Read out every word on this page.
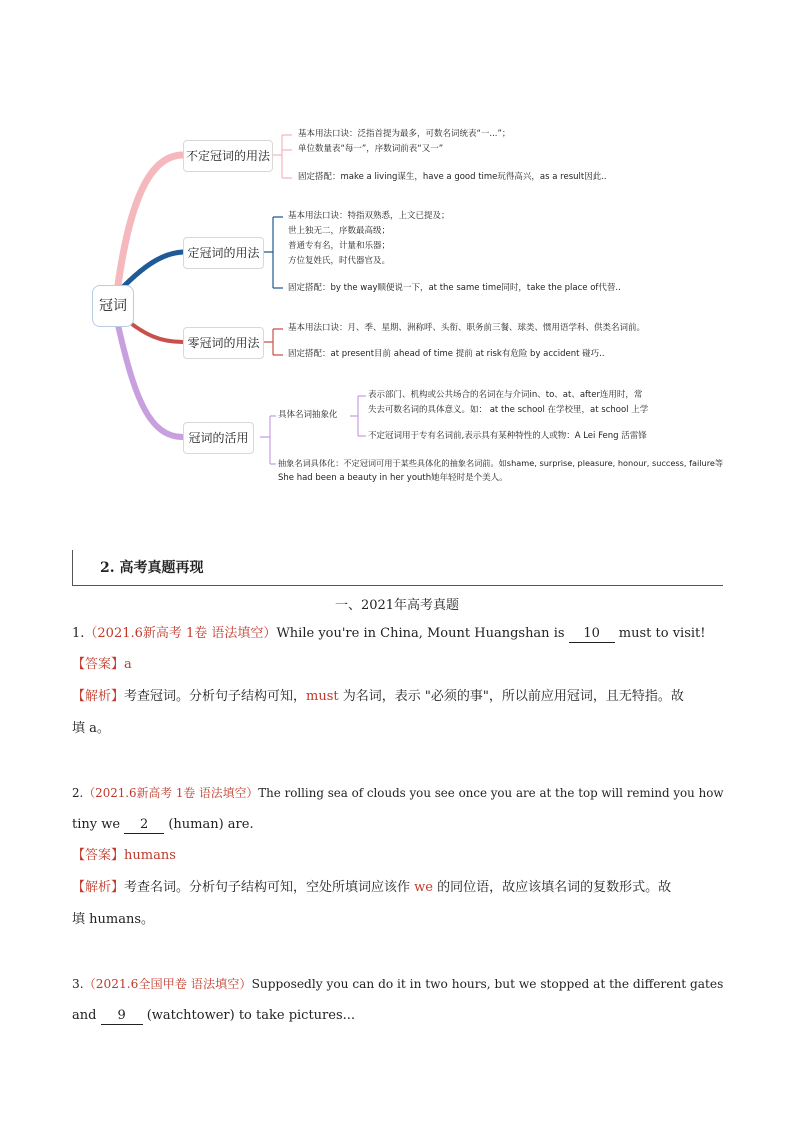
冠词
不定冠词的用法
定冠词的用法
零冠词的用法
冠词的活用
基本用法口诀：泛指首提为最多，可数名词统表“一...”；
单位数量表“每一”，序数词前表“又一”
固定搭配：make a living谋生，have a good time玩得高兴，as a result因此..
基本用法口诀：特指双熟悉，上文已提及；
世上独无二，序数最高级；
普通专有名，计量和乐器；
方位复姓氏，时代器官及。
固定搭配：by the way顺便说一下，at the same time同时，take the place of代替..
基本用法口诀：月、季、星期、洲称呼、头衔、职务前三餐、球类、惯用语学科、供类名词前。
固定搭配：at present目前 ahead of time 提前 at risk有危险 by accident 碰巧..
具体名词抽象化
表示部门、机构或公共场合的名词在与介词in、to、at、after连用时，常
失去可数名词的具体意义。如： at the school 在学校里，at school 上学
不定冠词用于专有名词前,表示具有某种特性的人或物：A Lei Feng 活雷锋
抽象名词具体化：不定冠词可用于某些具体化的抽象名词前。如shame, surprise, pleasure, honour, success, failure等
She had been a beauty in her youth她年轻时是个美人。
2. 高考真题再现
一、2021年高考真题
1.（2021.6新高考 1卷 语法填空）While you're in China, Mount Huangshan is 10 must to visit!
【答案】a
【解析】考查冠词。分析句子结构可知，must 为名词，表示 "必须的事"，所以前应用冠词，且无特指。故
填 a。
2.（2021.6新高考 1卷 语法填空）The rolling sea of clouds you see once you are at the top will remind you how
tiny we 2 (human) are.
【答案】humans
【解析】考查名词。分析句子结构可知，空处所填词应该作 we 的同位语，故应该填名词的复数形式。故
填 humans。
3.（2021.6全国甲卷 语法填空）Supposedly you can do it in two hours, but we stopped at the different gates
and 9 (watchtower) to take pictures...
